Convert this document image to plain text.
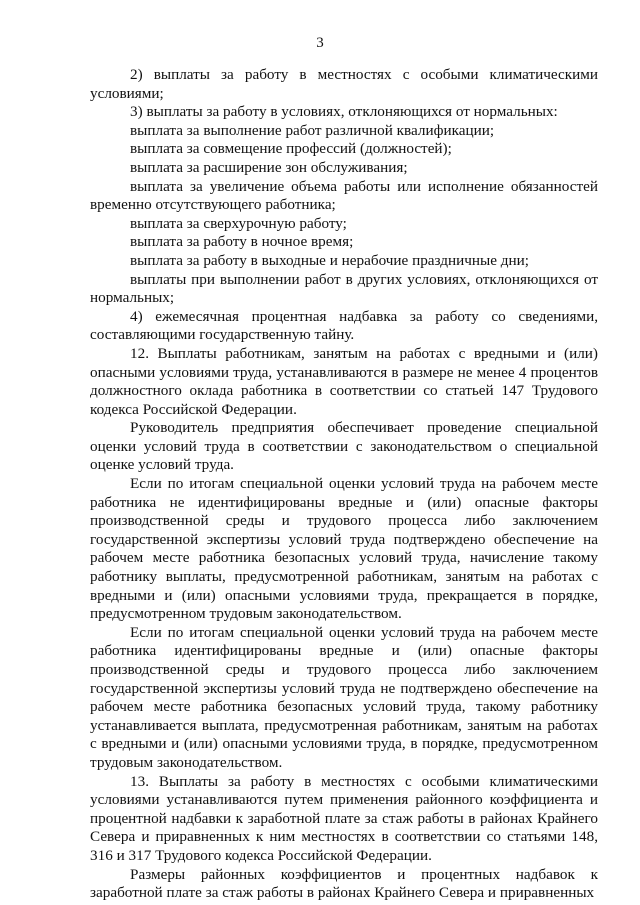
3

2) выплаты за работу в местностях с особыми климатическими условиями;

3) выплаты за работу в условиях, отклоняющихся от нормальных:

выплата за выполнение работ различной квалификации;

выплата за совмещение профессий (должностей);

выплата за расширение зон обслуживания;

выплата за увеличение объема работы или исполнение обязанностей временно отсутствующего работника;

выплата за сверхурочную работу;

выплата за работу в ночное время;

выплата за работу в выходные и нерабочие праздничные дни;

выплаты при выполнении работ в других условиях, отклоняющихся от нормальных;

4) ежемесячная процентная надбавка за работу со сведениями, составляющими государственную тайну.

12. Выплаты работникам, занятым на работах с вредными и (или) опасными условиями труда, устанавливаются в размере не менее 4 процентов должностного оклада работника в соответствии со статьей 147 Трудового кодекса Российской Федерации.

Руководитель предприятия обеспечивает проведение специальной оценки условий труда в соответствии с законодательством о специальной оценке условий труда.

Если по итогам специальной оценки условий труда на рабочем месте работника не идентифицированы вредные и (или) опасные факторы производственной среды и трудового процесса либо заключением государственной экспертизы условий труда подтверждено обеспечение на рабочем месте работника безопасных условий труда, начисление такому работнику выплаты, предусмотренной работникам, занятым на работах с вредными и (или) опасными условиями труда, прекращается в порядке, предусмотренном трудовым законодательством.

Если по итогам специальной оценки условий труда на рабочем месте работника идентифицированы вредные и (или) опасные факторы производственной среды и трудового процесса либо заключением государственной экспертизы условий труда не подтверждено обеспечение на рабочем месте работника безопасных условий труда, такому работнику устанавливается выплата, предусмотренная работникам, занятым на работах с вредными и (или) опасными условиями труда, в порядке, предусмотренном трудовым законодательством.

13. Выплаты за работу в местностях с особыми климатическими условиями устанавливаются путем применения районного коэффициента и процентной надбавки к заработной плате за стаж работы в районах Крайнего Севера и приравненных к ним местностях в соответствии со статьями 148, 316 и 317 Трудового кодекса Российской Федерации.

Размеры районных коэффициентов и процентных надбавок к заработной плате за стаж работы в районах Крайнего Севера и приравненных
